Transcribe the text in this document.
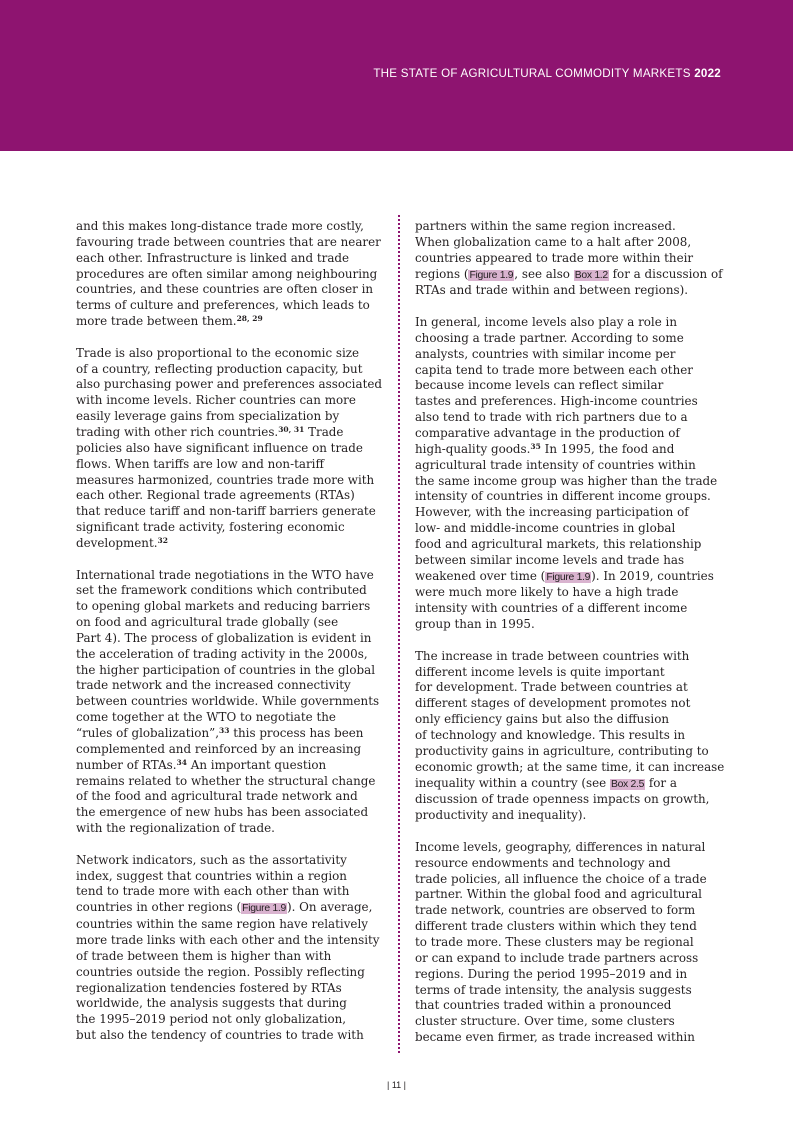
THE STATE OF AGRICULTURAL COMMODITY MARKETS 2022

and this makes long-distance trade more costly,
favouring trade between countries that are nearer
each other. Infrastructure is linked and trade
procedures are often similar among neighbouring
countries, and these countries are often closer in
terms of culture and preferences, which leads to
more trade between them.$^{28, 29}$

Trade is also proportional to the economic size
of a country, reflecting production capacity, but
also purchasing power and preferences associated
with income levels. Richer countries can more
easily leverage gains from specialization by
trading with other rich countries.$^{30, 31}$ Trade
policies also have significant influence on trade
flows. When tariffs are low and non-tariff
measures harmonized, countries trade more with
each other. Regional trade agreements (RTAs)
that reduce tariff and non-tariff barriers generate
significant trade activity, fostering economic
development.$^{32}$

International trade negotiations in the WTO have
set the framework conditions which contributed
to opening global markets and reducing barriers
on food and agricultural trade globally (see
Part 4). The process of globalization is evident in
the acceleration of trading activity in the 2000s,
the higher participation of countries in the global
trade network and the increased connectivity
between countries worldwide. While governments
come together at the WTO to negotiate the
“rules of globalization”,$^{33}$ this process has been
complemented and reinforced by an increasing
number of RTAs.$^{34}$ An important question
remains related to whether the structural change
of the food and agricultural trade network and
the emergence of new hubs has been associated
with the regionalization of trade.

Network indicators, such as the assortativity
index, suggest that countries within a region
tend to trade more with each other than with
countries in other regions (Figure 1.9). On average,
countries within the same region have relatively
more trade links with each other and the intensity
of trade between them is higher than with
countries outside the region. Possibly reflecting
regionalization tendencies fostered by RTAs
worldwide, the analysis suggests that during
the 1995–2019 period not only globalization,
but also the tendency of countries to trade with

partners within the same region increased.
When globalization came to a halt after 2008,
countries appeared to trade more within their
regions (Figure 1.9, see also Box 1.2 for a discussion of
RTAs and trade within and between regions).

In general, income levels also play a role in
choosing a trade partner. According to some
analysts, countries with similar income per
capita tend to trade more between each other
because income levels can reflect similar
tastes and preferences. High-income countries
also tend to trade with rich partners due to a
comparative advantage in the production of
high-quality goods.$^{35}$ In 1995, the food and
agricultural trade intensity of countries within
the same income group was higher than the trade
intensity of countries in different income groups.
However, with the increasing participation of
low- and middle-income countries in global
food and agricultural markets, this relationship
between similar income levels and trade has
weakened over time (Figure 1.9). In 2019, countries
were much more likely to have a high trade
intensity with countries of a different income
group than in 1995.

The increase in trade between countries with
different income levels is quite important
for development. Trade between countries at
different stages of development promotes not
only efficiency gains but also the diffusion
of technology and knowledge. This results in
productivity gains in agriculture, contributing to
economic growth; at the same time, it can increase
inequality within a country (see Box 2.5 for a
discussion of trade openness impacts on growth,
productivity and inequality).

Income levels, geography, differences in natural
resource endowments and technology and
trade policies, all influence the choice of a trade
partner. Within the global food and agricultural
trade network, countries are observed to form
different trade clusters within which they tend
to trade more. These clusters may be regional
or can expand to include trade partners across
regions. During the period 1995–2019 and in
terms of trade intensity, the analysis suggests
that countries traded within a pronounced
cluster structure. Over time, some clusters
became even firmer, as trade increased within

| 11 |
